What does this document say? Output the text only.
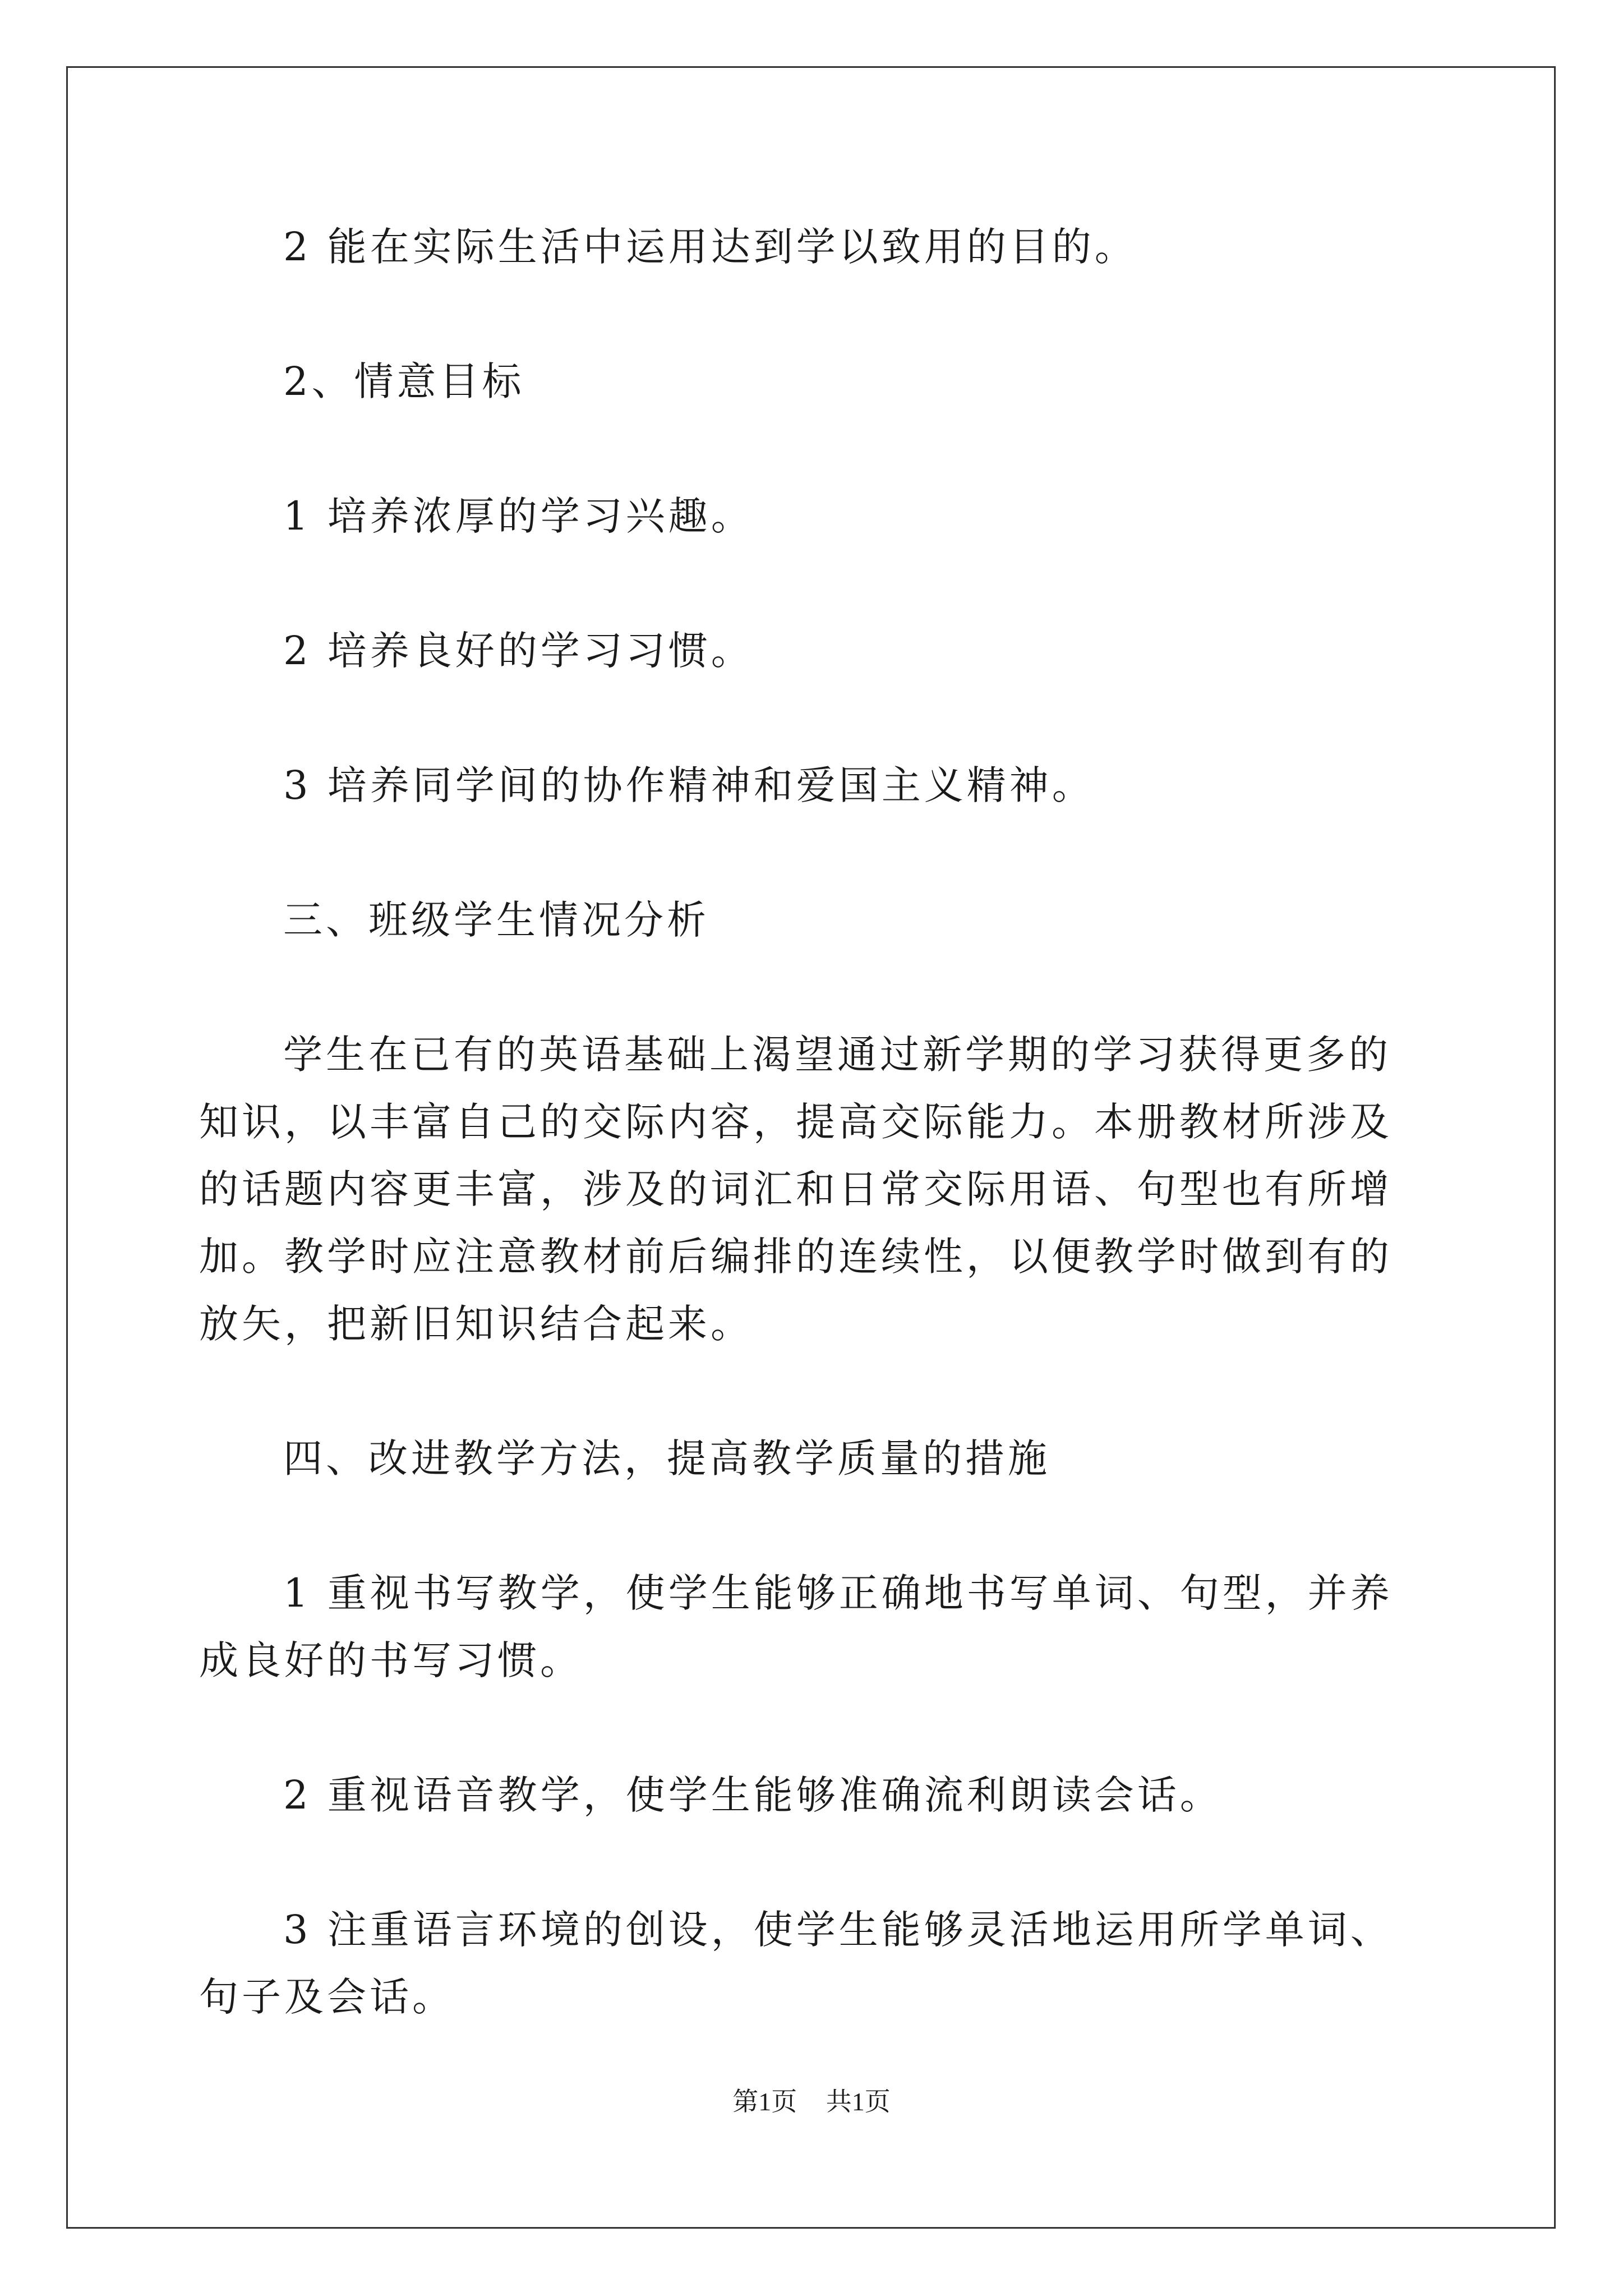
2 能在实际生活中运用达到学以致用的目的。

2、情意目标

1 培养浓厚的学习兴趣。

2 培养良好的学习习惯。

3 培养同学间的协作精神和爱国主义精神。

三、班级学生情况分析

学生在已有的英语基础上渴望通过新学期的学习获得更多的知识，以丰富自己的交际内容，提高交际能力。本册教材所涉及的话题内容更丰富，涉及的词汇和日常交际用语、句型也有所增加。教学时应注意教材前后编排的连续性，以便教学时做到有的放矢，把新旧知识结合起来。

四、改进教学方法，提高教学质量的措施

1 重视书写教学，使学生能够正确地书写单词、句型，并养成良好的书写习惯。

2 重视语音教学，使学生能够准确流利朗读会话。

3 注重语言环境的创设，使学生能够灵活地运用所学单词、句子及会话。

第1页 共1页
